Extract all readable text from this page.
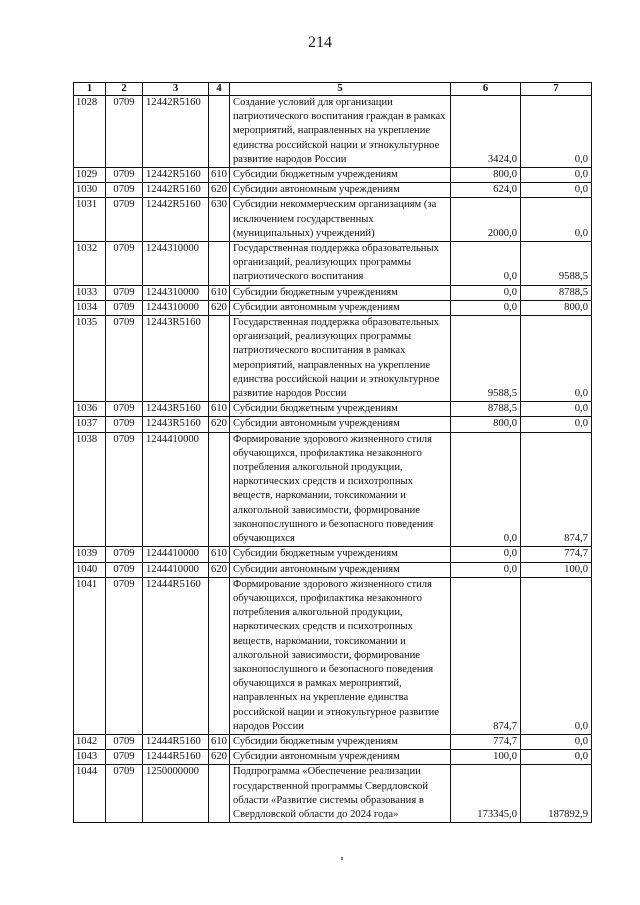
214
1	2	3	4	5	6	7
1028	0709	12442R5160		Создание условий для организации патриотического воспитания граждан в рамках мероприятий, направленных на укрепление единства российской нации и этнокультурное развитие народов России	3424,0	0,0
1029	0709	12442R5160	610	Субсидии бюджетным учреждениям	800,0	0,0
1030	0709	12442R5160	620	Субсидии автономным учреждениям	624,0	0,0
1031	0709	12442R5160	630	Субсидии некоммерческим организациям (за исключением государственных (муниципальных) учреждений)	2000,0	0,0
1032	0709	1244310000		Государственная поддержка образовательных организаций, реализующих программы патриотического воспитания	0,0	9588,5
1033	0709	1244310000	610	Субсидии бюджетным учреждениям	0,0	8788,5
1034	0709	1244310000	620	Субсидии автономным учреждениям	0,0	800,0
1035	0709	12443R5160		Государственная поддержка образовательных организаций, реализующих программы патриотического воспитания в рамках мероприятий, направленных на укрепление единства российской нации и этнокультурное развитие народов России	9588,5	0,0
1036	0709	12443R5160	610	Субсидии бюджетным учреждениям	8788,5	0,0
1037	0709	12443R5160	620	Субсидии автономным учреждениям	800,0	0,0
1038	0709	1244410000		Формирование здорового жизненного стиля обучающихся, профилактика незаконного потребления алкогольной продукции, наркотических средств и психотропных веществ, наркомании, токсикомании и алкогольной зависимости, формирование законопослушного и безопасного поведения обучающихся	0,0	874,7
1039	0709	1244410000	610	Субсидии бюджетным учреждениям	0,0	774,7
1040	0709	1244410000	620	Субсидии автономным учреждениям	0,0	100,0
1041	0709	12444R5160		Формирование здорового жизненного стиля обучающихся, профилактика незаконного потребления алкогольной продукции, наркотических средств и психотропных веществ, наркомании, токсикомании и алкогольной зависимости, формирование законопослушного и безопасного поведения обучающихся в рамках мероприятий, направленных на укрепление единства российской нации и этнокультурное развитие народов России	874,7	0,0
1042	0709	12444R5160	610	Субсидии бюджетным учреждениям	774,7	0,0
1043	0709	12444R5160	620	Субсидии автономным учреждениям	100,0	0,0
1044	0709	1250000000		Подпрограмма «Обеспечение реализации государственной программы Свердловской области «Развитие системы образования в Свердловской области до 2024 года»	173345,0	187892,9
